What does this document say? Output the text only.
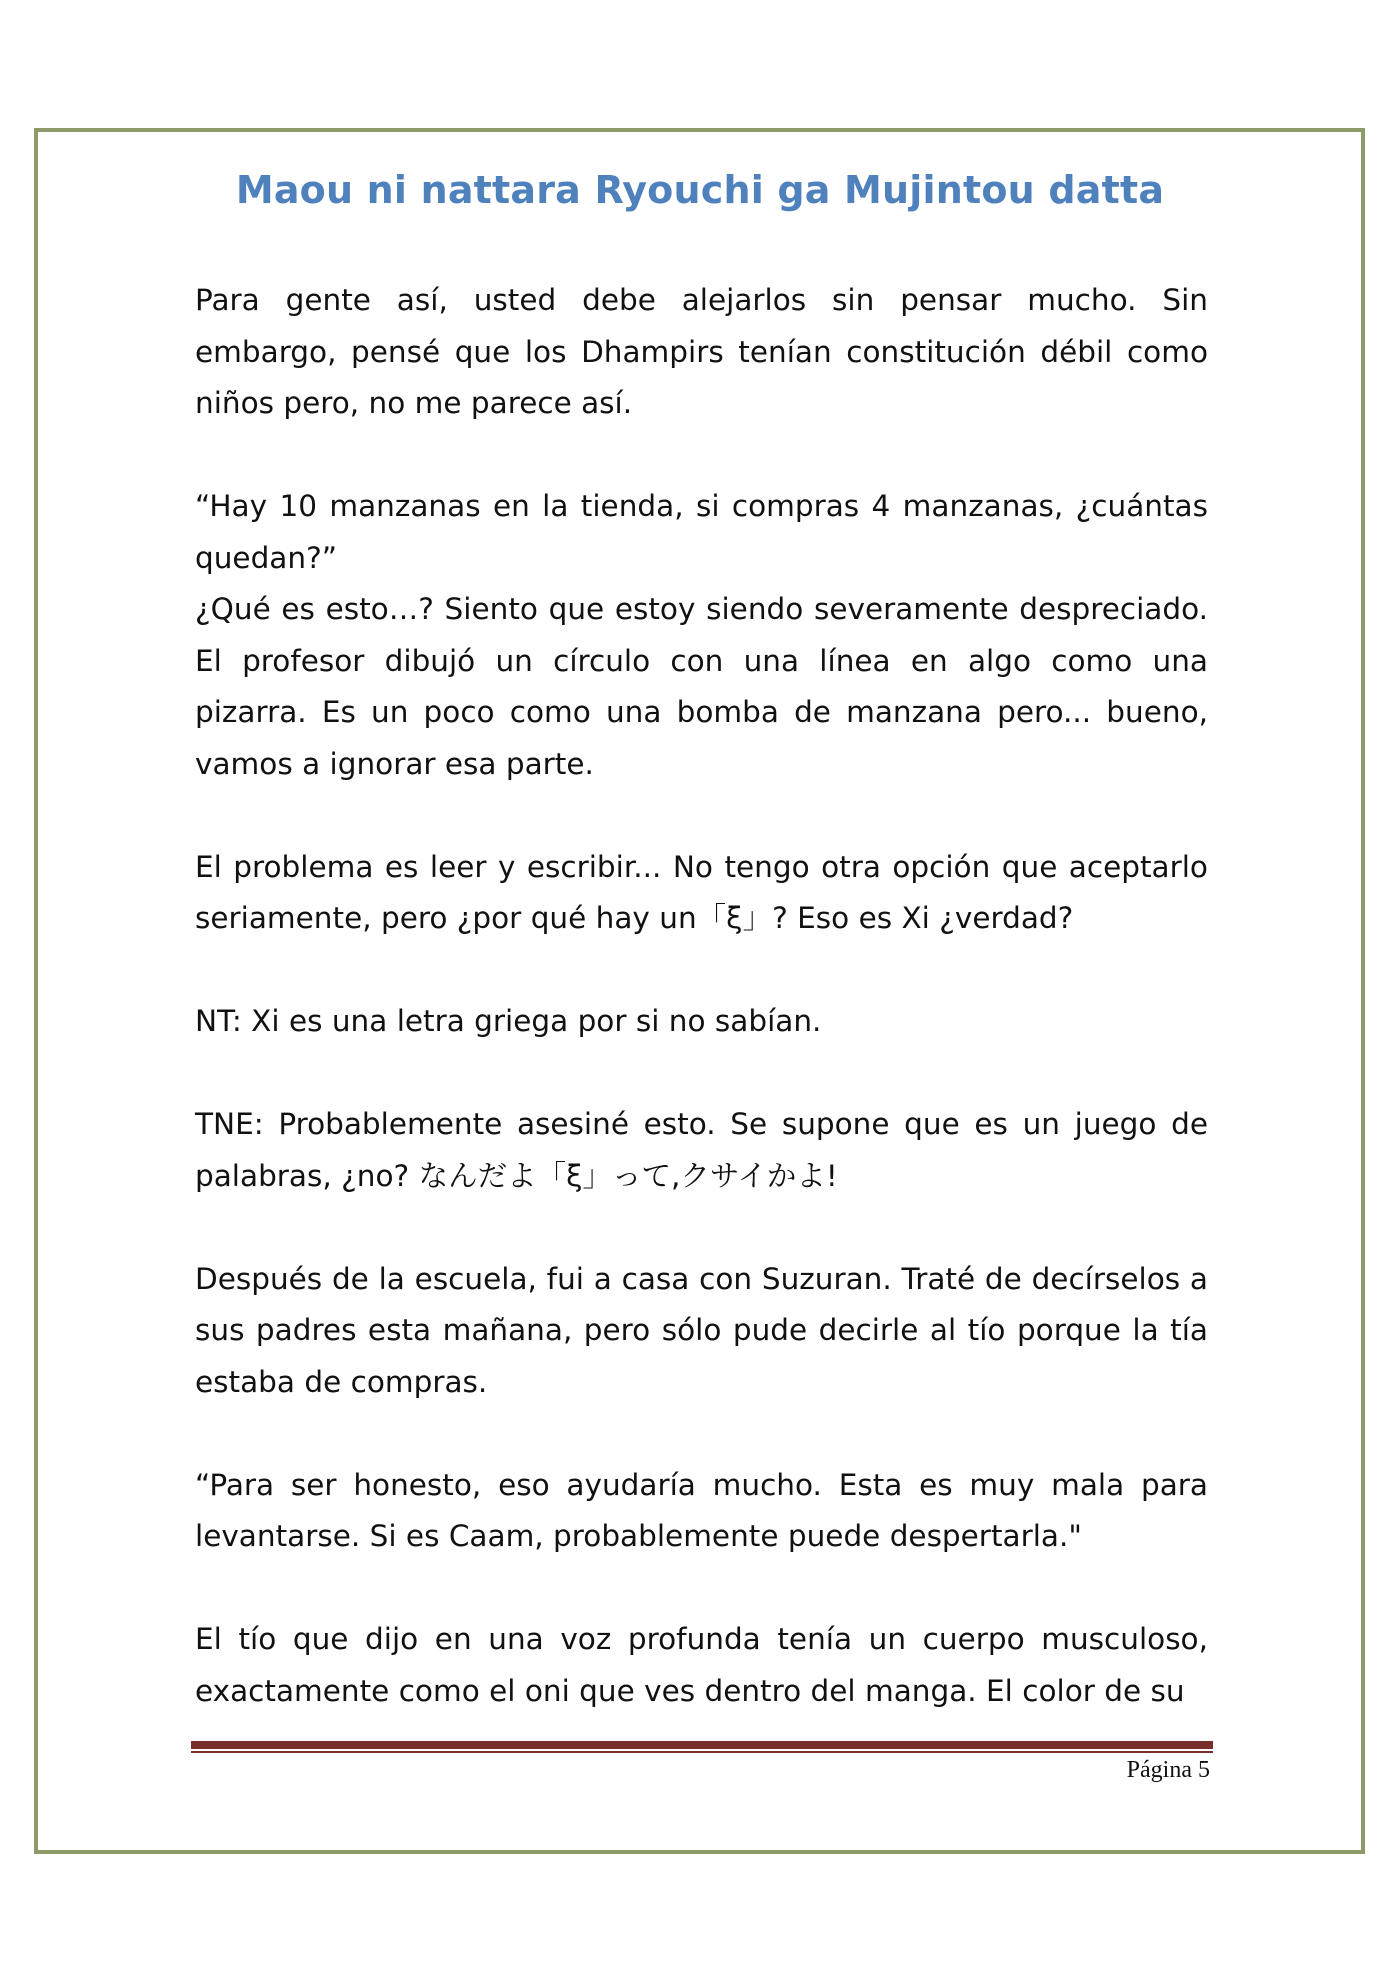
Maou ni nattara Ryouchi ga Mujintou datta

Para gente así, usted debe alejarlos sin pensar mucho. Sin embargo, pensé que los Dhampirs tenían constitución débil como niños pero, no me parece así.

“Hay 10 manzanas en la tienda, si compras 4 manzanas, ¿cuántas quedan?”

¿Qué es esto…? Siento que estoy siendo severamente despreciado. El profesor dibujó un círculo con una línea en algo como una pizarra. Es un poco como una bomba de manzana pero... bueno, vamos a ignorar esa parte.

El problema es leer y escribir... No tengo otra opción que aceptarlo seriamente, pero ¿por qué hay un「ξ」? Eso es Xi ¿verdad?

NT: Xi es una letra griega por si no sabían.

TNE: Probablemente asesiné esto. Se supone que es un juego de palabras, ¿no? なんだよ「ξ」って,クサイかよ!

Después de la escuela, fui a casa con Suzuran. Traté de decírselos a sus padres esta mañana, pero sólo pude decirle al tío porque la tía estaba de compras.

“Para ser honesto, eso ayudaría mucho. Esta es muy mala para levantarse. Si es Caam, probablemente puede despertarla."

El tío que dijo en una voz profunda tenía un cuerpo musculoso, exactamente como el oni que ves dentro del manga. El color de su

Página 5
